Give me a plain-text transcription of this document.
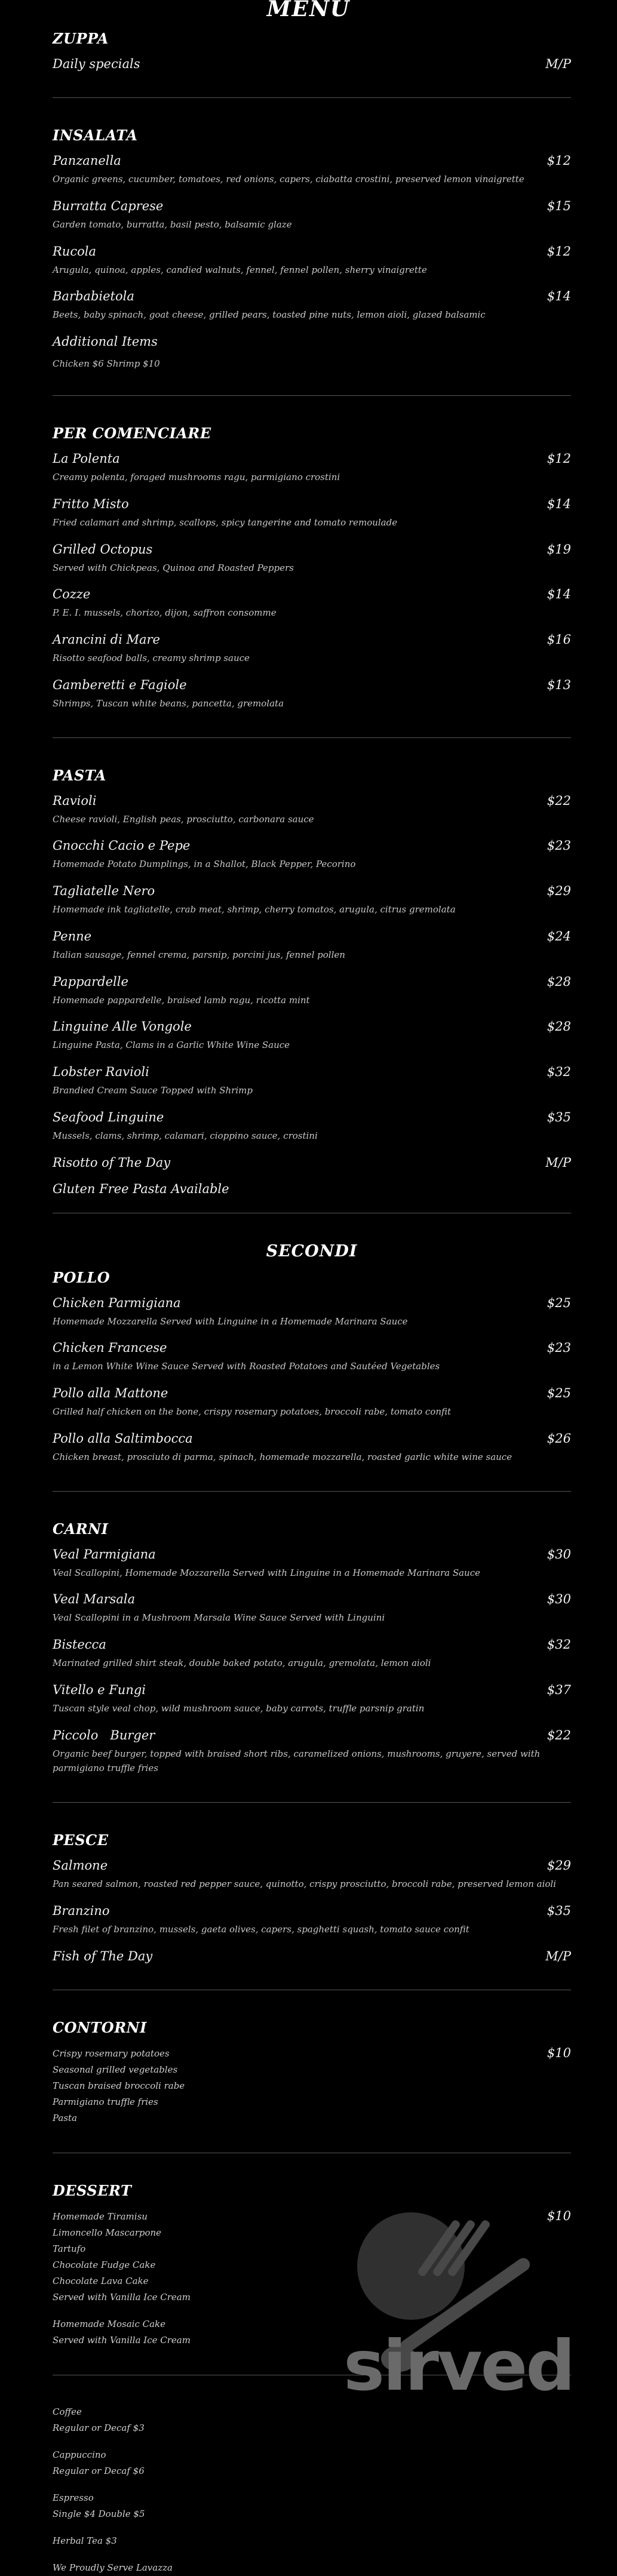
MENU
ZUPPA
Daily specials	M/P
INSALATA
Panzanella	$12
Organic greens, cucumber, tomatoes, red onions, capers, ciabatta crostini, preserved lemon vinaigrette
Burratta Caprese	$15
Garden tomato, burratta, basil pesto, balsamic glaze
Rucola	$12
Arugula, quinoa, apples, candied walnuts, fennel, fennel pollen, sherry vinaigrette
Barbabietola	$14
Beets, baby spinach, goat cheese, grilled pears, toasted pine nuts, lemon aioli, glazed balsamic
Additional Items
Chicken $6 Shrimp $10
PER COMENCIARE
La Polenta	$12
Creamy polenta, foraged mushrooms ragu, parmigiano crostini
Fritto Misto	$14
Fried calamari and shrimp, scallops, spicy tangerine and tomato remoulade
Grilled Octopus	$19
Served with Chickpeas, Quinoa and Roasted Peppers
Cozze	$14
P. E. I. mussels, chorizo, dijon, saffron consomme
Arancini di Mare	$16
Risotto seafood balls, creamy shrimp sauce
Gamberetti e Fagiole	$13
Shrimps, Tuscan white beans, pancetta, gremolata
PASTA
Ravioli	$22
Cheese ravioli, English peas, prosciutto, carbonara sauce
Gnocchi Cacio e Pepe	$23
Homemade Potato Dumplings, in a Shallot, Black Pepper, Pecorino
Tagliatelle Nero	$29
Homemade ink tagliatelle, crab meat, shrimp, cherry tomatos, arugula, citrus gremolata
Penne	$24
Italian sausage, fennel crema, parsnip, porcini jus, fennel pollen
Pappardelle	$28
Homemade pappardelle, braised lamb ragu, ricotta mint
Linguine Alle Vongole	$28
Linguine Pasta, Clams in a Garlic White Wine Sauce
Lobster Ravioli	$32
Brandied Cream Sauce Topped with Shrimp
Seafood Linguine	$35
Mussels, clams, shrimp, calamari, cioppino sauce, crostini
Risotto of The Day	M/P
Gluten Free Pasta Available
SECONDI
POLLO
Chicken Parmigiana	$25
Homemade Mozzarella Served with Linguine in a Homemade Marinara Sauce
Chicken Francese	$23
in a Lemon White Wine Sauce Served with Roasted Potatoes and Sautéed Vegetables
Pollo alla Mattone	$25
Grilled half chicken on the bone, crispy rosemary potatoes, broccoli rabe, tomato confit
Pollo alla Saltimbocca	$26
Chicken breast, prosciuto di parma, spinach, homemade mozzarella, roasted garlic white wine sauce
CARNI
Veal Parmigiana	$30
Veal Scallopini, Homemade Mozzarella Served with Linguine in a Homemade Marinara Sauce
Veal Marsala	$30
Veal Scallopini in a Mushroom Marsala Wine Sauce Served with Linguini
Bistecca	$32
Marinated grilled shirt steak, double baked potato, arugula, gremolata, lemon aioli
Vitello e Fungi	$37
Tuscan style veal chop, wild mushroom sauce, baby carrots, truffle parsnip gratin
Piccolo   Burger	$22
Organic beef burger, topped with braised short ribs, caramelized onions, mushrooms, gruyere, served with parmigiano truffle fries
PESCE
Salmone	$29
Pan seared salmon, roasted red pepper sauce, quinotto, crispy prosciutto, broccoli rabe, preserved lemon aioli
Branzino	$35
Fresh filet of branzino, mussels, gaeta olives, capers, spaghetti squash, tomato sauce confit
Fish of The Day	M/P
CONTORNI
Crispy rosemary potatoes
Seasonal grilled vegetables
Tuscan braised broccoli rabe
Parmigiano truffle fries
Pasta
$10
DESSERT
Homemade Tiramisu
Limoncello Mascarpone
Tartufo
Chocolate Fudge Cake
Chocolate Lava Cake
Served with Vanilla Ice Cream
Homemade Mosaic Cake
Served with Vanilla Ice Cream
$10
Coffee
Regular or Decaf $3
Cappuccino
Regular or Decaf $6
Espresso
Single $4 Double $5
Herbal Tea $3
We Proudly Serve Lavazza
sirved
